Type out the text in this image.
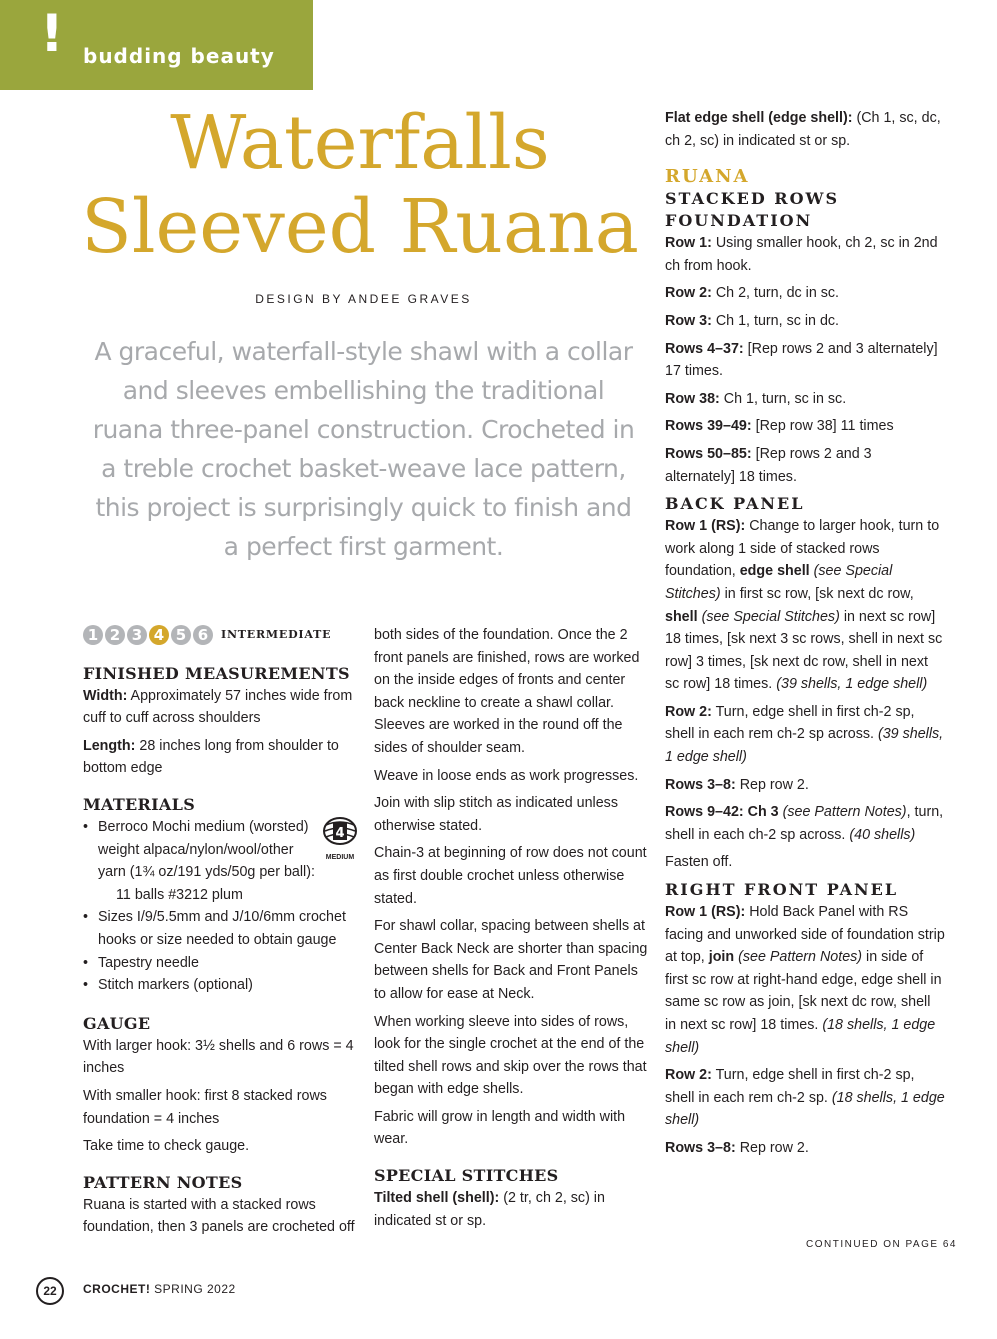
! budding beauty
Waterfalls
Sleeved Ruana
DESIGN BY ANDEE GRAVES
A graceful, waterfall-style shawl with a collar and sleeves embellishing the traditional ruana three-panel construction. Crocheted in a treble crochet basket-weave lace pattern, this project is surprisingly quick to finish and a perfect first garment.
1 2 3 4 5 6	INTERMEDIATE
FINISHED MEASUREMENTS

Width: Approximately 57 inches wide from cuff to cuff across shoulders

Length: 28 inches long from shoulder to bottom edge

MATERIALS
4
MEDIUM
• Berroco Mochi medium (worsted) weight alpaca/nylon/wool/other yarn (1¾ oz/191 yds/50g per ball):
11 balls #3212 plum
• Sizes I/9/5.5mm and J/10/6mm crochet hooks or size needed to obtain gauge
• Tapestry needle
• Stitch markers (optional)
GAUGE

With larger hook: 3½ shells and 6 rows = 4 inches

With smaller hook: first 8 stacked rows foundation = 4 inches

Take time to check gauge.

PATTERN NOTES

Ruana is started with a stacked rows foundation, then 3 panels are crocheted off

both sides of the foundation. Once the 2 front panels are finished, rows are worked on the inside edges of fronts and center back neckline to create a shawl collar. Sleeves are worked in the round off the sides of shoulder seam.

Weave in loose ends as work progresses.

Join with slip stitch as indicated unless otherwise stated.

Chain-3 at beginning of row does not count as first double crochet unless otherwise stated.

For shawl collar, spacing between shells at Center Back Neck are shorter than spacing between shells for Back and Front Panels to allow for ease at Neck.

When working sleeve into sides of rows, look for the single crochet at the end of the tilted shell rows and skip over the rows that began with edge shells.

Fabric will grow in length and width with wear.

SPECIAL STITCHES

Tilted shell (shell): (2 tr, ch 2, sc) in indicated st or sp.

Flat edge shell (edge shell): (Ch 1, sc, dc, ch 2, sc) in indicated st or sp.

RUANA
STACKED ROWS
FOUNDATION

Row 1: Using smaller hook, ch 2, sc in 2nd ch from hook.

Row 2: Ch 2, turn, dc in sc.

Row 3: Ch 1, turn, sc in dc.

Rows 4–37: [Rep rows 2 and 3 alternately] 17 times.

Row 38: Ch 1, turn, sc in sc.

Rows 39–49: [Rep row 38] 11 times

Rows 50–85: [Rep rows 2 and 3 alternately] 18 times.

BACK PANEL

Row 1 (RS): Change to larger hook, turn to work along 1 side of stacked rows foundation, edge shell (see Special Stitches) in first sc row, [sk next dc row, shell (see Special Stitches) in next sc row] 18 times, [sk next 3 sc rows, shell in next sc row] 3 times, [sk next dc row, shell in next sc row] 18 times. (39 shells, 1 edge shell)

Row 2: Turn, edge shell in first ch-2 sp, shell in each rem ch-2 sp across. (39 shells, 1 edge shell)

Rows 3–8: Rep row 2.

Rows 9–42: Ch 3 (see Pattern Notes), turn, shell in each ch-2 sp across. (40 shells)

Fasten off.

RIGHT FRONT PANEL

Row 1 (RS): Hold Back Panel with RS facing and unworked side of foundation strip at top, join (see Pattern Notes) in side of first sc row at right-hand edge, edge shell in same sc row as join, [sk next dc row, shell in next sc row] 18 times. (18 shells, 1 edge shell)

Row 2: Turn, edge shell in first ch-2 sp, shell in each rem ch-2 sp. (18 shells, 1 edge shell)

Rows 3–8: Rep row 2.

CONTINUED ON PAGE 64
22	CROCHET! SPRING 2022
